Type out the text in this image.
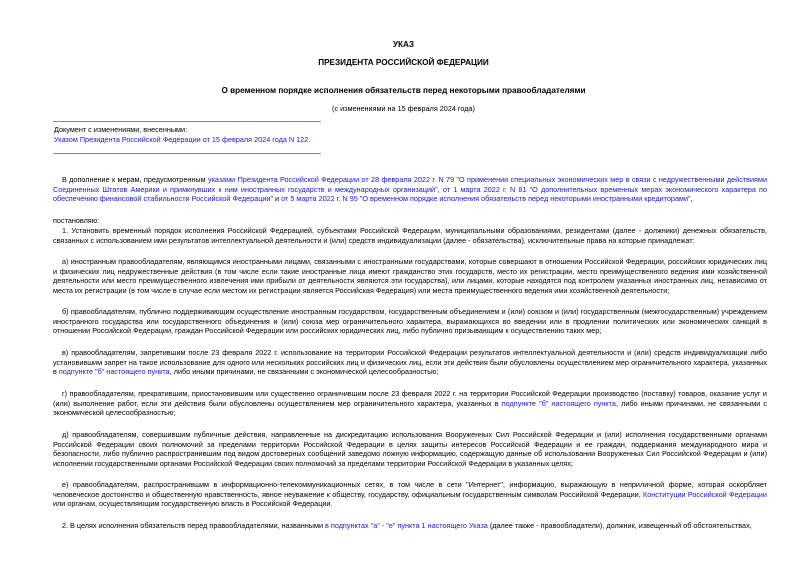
УКАЗ
ПРЕЗИДЕНТА РОССИЙСКОЙ ФЕДЕРАЦИИ
О временном порядке исполнения обязательств перед некоторыми правообладателями
(с изменениями на 15 февраля 2024 года)
Документ с изменениями, внесенными:
Указом Президента Российской Федерации от 15 февраля 2024 года N 122.
В дополнение к мерам, предусмотренным указами Президента Российской Федерации от 28 февраля 2022 г. N 79 "О применении специальных экономических мер в связи с недружественными действиями Соединенных Штатов Америки и примкнувших к ним иностранных государств и международных организаций", от 1 марта 2022 г. N 81 "О дополнительных временных мерах экономического характера по обеспечению финансовой стабильности Российской Федерации" и от 5 марта 2022 г. N 95 "О временном порядке исполнения обязательств перед некоторыми иностранными кредиторами",
постановляю:
1. Установить временный порядок исполнения Российской Федерацией, субъектами Российской Федерации, муниципальными образованиями, резидентами (далее - должники) денежных обязательств, связанных с использованием ими результатов интеллектуальной деятельности и (или) средств индивидуализации (далее - обязательства), исключительные права на которые принадлежат:
а) иностранным правообладателям, являющимся иностранными лицами, связанными с иностранными государствами, которые совершают в отношении Российской Федерации, российских юридических лиц и физических лиц недружественные действия (в том числе если такие иностранные лица имеют гражданство этих государств, место их регистрации, место преимущественного ведения ими хозяйственной деятельности или место преимущественного извлечения ими прибыли от деятельности являются эти государства), или лицами, которые находятся под контролем указанных иностранных лиц, независимо от места их регистрации (в том числе в случае если местом их регистрации является Российская Федерация) или места преимущественного ведения ими хозяйственной деятельности;
б) правообладателям, публично поддерживающим осуществление иностранным государством, государственным объединением и (или) союзом и (или) государственным (межгосударственным) учреждением иностранного государства или государственного объединения и (или) союза мер ограничительного характера, выражающихся во введении или в продлении политических или экономических санкций в отношении Российской Федерации, граждан Российской Федерации или российских юридических лиц, либо публично призывающим к осуществлению таких мер;
в) правообладателям, запретившим после 23 февраля 2022 г. использование на территории Российской Федерации результатов интеллектуальной деятельности и (или) средств индивидуализации либо установившим запрет на такое использование для одного или нескольких российских лиц и физических лиц, если эти действия были обусловлены осуществлением мер ограничительного характера, указанных в подпункте "б" настоящего пункта, либо иными причинами, не связанными с экономической целесообразностью;
г) правообладателям, прекратившим, приостановившим или существенно ограничившим после 23 февраля 2022 г. на территории Российской Федерации производство (поставку) товаров, оказание услуг и (или) выполнение работ, если эти действия были обусловлены осуществлением мер ограничительного характера, указанных в подпункте "б" настоящего пункта, либо иными причинами, не связанными с экономической целесообразностью;
д) правообладателям, совершившим публичные действия, направленные на дискредитацию использования Вооруженных Сил Российской Федерации и (или) исполнения государственными органами Российской Федерации своих полномочий за пределами территории Российской Федерации в целях защиты интересов Российской Федерации и ее граждан, поддержания международного мира и безопасности, либо публично распространившим под видом достоверных сообщений заведомо ложную информацию, содержащую данные об использовании Вооруженных Сил Российской Федерации и (или) исполнении государственными органами Российской Федерации своих полномочий за пределами территории Российской Федерации в указанных целях;
е) правообладателям, распространившим в информационно-телекоммуникационных сетях, в том числе в сети "Интернет", информацию, выражающую в неприличной форме, которая оскорбляет человеческое достоинство и общественную нравственность, явное неуважение к обществу, государству, официальным государственным символам Российской Федерации, Конституции Российской Федерации или органам, осуществляющим государственную власть в Российской Федерации.
2. В целях исполнения обязательств перед правообладателями, названными в подпунктах "а" - "е" пункта 1 настоящего Указа (далее также - правообладатели), должник, извещенный об обстоятельствах,
